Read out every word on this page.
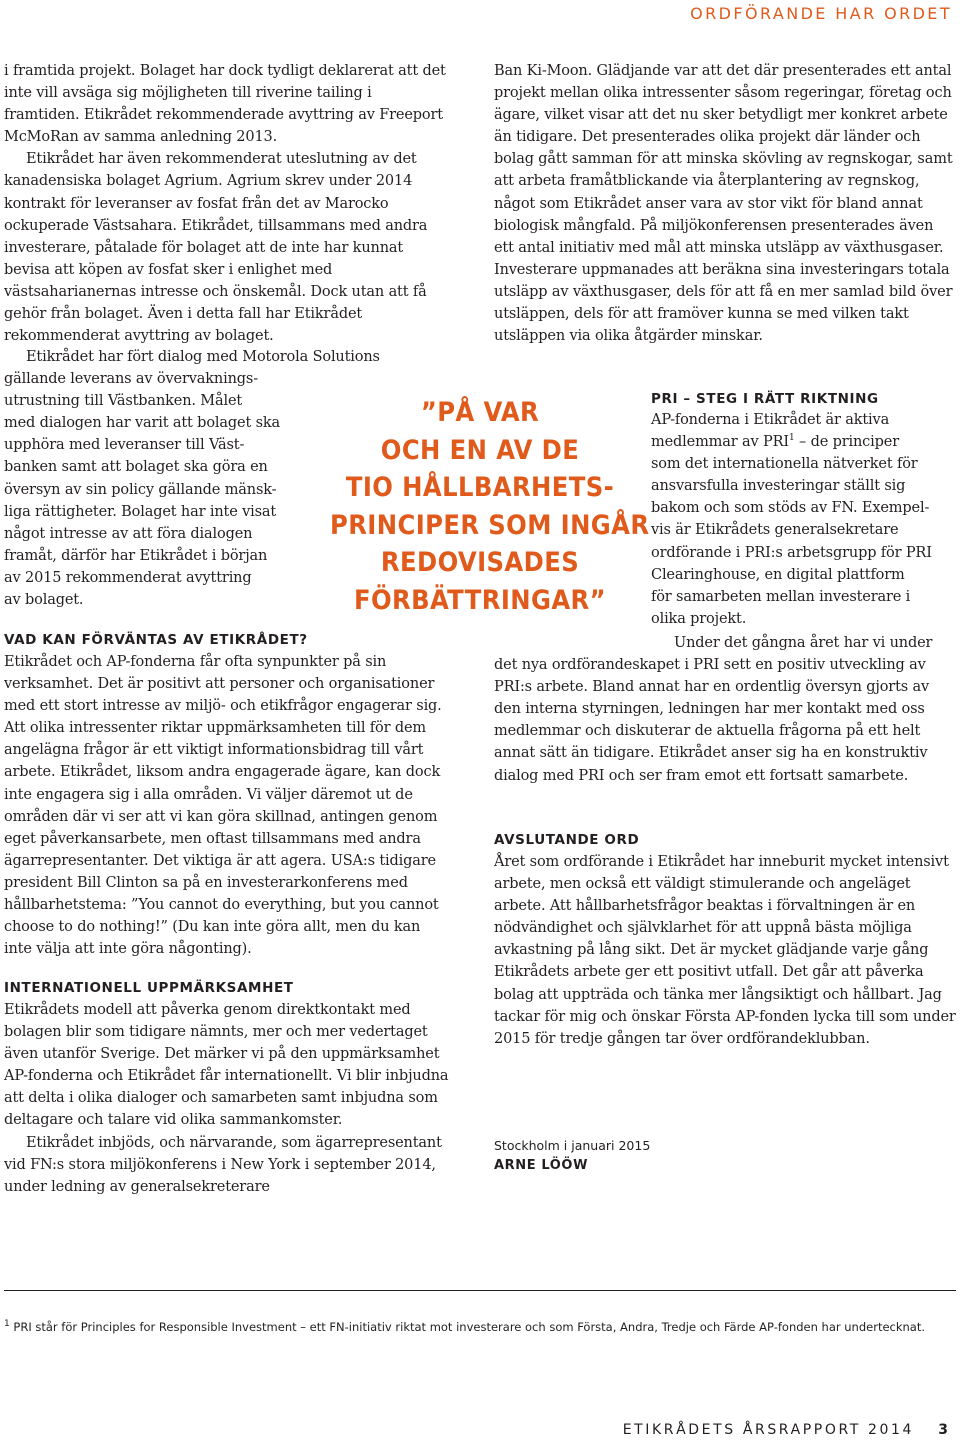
ORDFÖRANDE HAR ORDET

i framtida projekt. Bolaget har dock tydligt deklarerat att det inte vill avsäga sig möjligheten till riverine tailing i framtiden. Etikrådet rekommenderade avyttring av Freeport McMoRan av samma anledning 2013.

Etikrådet har även rekommenderat uteslutning av det kanadensiska bolaget Agrium. Agrium skrev under 2014 kontrakt för leveranser av fosfat från det av Marocko ockuperade Västsahara. Etikrådet, tillsammans med andra investerare, påtalade för bolaget att de inte har kunnat bevisa att köpen av fosfat sker i enlighet med västsaharianernas intresse och önskemål. Dock utan att få gehör från bolaget. Även i detta fall har Etikrådet rekommenderat avyttring av bolaget.

Etikrådet har fört dialog med Motorola Solutions
gällande leverans av övervaknings-
utrustning till Västbanken. Målet
med dialogen har varit att bolaget ska
upphöra med leveranser till Väst-
banken samt att bolaget ska göra en
översyn av sin policy gällande mänsk-
liga rättigheter. Bolaget har inte visat
något intresse av att föra dialogen
framåt, därför har Etikrådet i början
av 2015 rekommenderat avyttring
av bolaget.

VAD KAN FÖRVÄNTAS AV ETIKRÅDET?

Etikrådet och AP-fonderna får ofta synpunkter på sin verksamhet. Det är positivt att personer och organisationer med ett stort intresse av miljö- och etikfrågor engagerar sig. Att olika intressenter riktar uppmärksamheten till för dem angelägna frågor är ett viktigt informationsbidrag till vårt arbete. Etikrådet, liksom andra engagerade ägare, kan dock inte engagera sig i alla områden. Vi väljer däremot ut de områden där vi ser att vi kan göra skillnad, antingen genom eget påverkansarbete, men oftast tillsammans med andra ägarrepresentanter. Det viktiga är att agera. USA:s tidigare president Bill Clinton sa på en investerarkonferens med hållbarhetstema: ”You cannot do everything, but you cannot choose to do nothing!” (Du kan inte göra allt, men du kan inte välja att inte göra någonting).

INTERNATIONELL UPPMÄRKSAMHET

Etikrådets modell att påverka genom direktkontakt med bolagen blir som tidigare nämnts, mer och mer vedertaget även utanför Sverige. Det märker vi på den uppmärksamhet AP-fonderna och Etikrådet får internationellt. Vi blir inbjudna att delta i olika dialoger och samarbeten samt inbjudna som deltagare och talare vid olika sammankomster.

Etikrådet inbjöds, och närvarande, som ägarrepresentant vid FN:s stora miljökonferens i New York i september 2014, under ledning av generalsekreterare

”PÅ VAR
OCH EN AV DE
TIO HÅLLBARHETS-
PRINCIPER SOM INGÅR
REDOVISADES
FÖRBÄTTRINGAR”

Ban Ki-Moon. Glädjande var att det där presenterades ett antal projekt mellan olika intressenter såsom regeringar, företag och ägare, vilket visar att det nu sker betydligt mer konkret arbete än tidigare. Det presenterades olika projekt där länder och bolag gått samman för att minska skövling av regnskogar, samt att arbeta framåtblickande via återplantering av regnskog, något som Etikrådet anser vara av stor vikt för bland annat biologisk mångfald. På miljökonferensen presenterades även ett antal initiativ med mål att minska utsläpp av växthusgaser. Investerare uppmanades att beräkna sina investeringars totala utsläpp av växthusgaser, dels för att få en mer samlad bild över utsläppen, dels för att framöver kunna se med vilken takt utsläppen via olika åtgärder minskar.

PRI – STEG I RÄTT RIKTNING

AP-fonderna i Etikrådet är aktiva
medlemmar av PRI$^1$ – de principer
som det internationella nätverket för
ansvarsfulla investeringar ställt sig
bakom och som stöds av FN. Exempel-
vis är Etikrådets generalsekretare
ordförande i PRI:s arbetsgrupp för PRI
Clearinghouse, en digital plattform
för samarbeten mellan investerare i
olika projekt.

Under det gångna året har vi under det nya ordförandeskapet i PRI sett en positiv utveckling av PRI:s arbete. Bland annat har en ordentlig översyn gjorts av den interna styrningen, ledningen har mer kontakt med oss medlemmar och diskuterar de aktuella frågorna på ett helt annat sätt än tidigare. Etikrådet anser sig ha en konstruktiv dialog med PRI och ser fram emot ett fortsatt samarbete.

AVSLUTANDE ORD

Året som ordförande i Etikrådet har inneburit mycket intensivt arbete, men också ett väldigt stimulerande och angeläget arbete. Att hållbarhetsfrågor beaktas i förvaltningen är en nödvändighet och självklarhet för att uppnå bästa möjliga avkastning på lång sikt. Det är mycket glädjande varje gång Etikrådets arbete ger ett positivt utfall. Det går att påverka bolag att uppträda och tänka mer långsiktigt och hållbart. Jag tackar för mig och önskar Första AP-fonden lycka till som under 2015 för tredje gången tar över ordförandeklubban.

Stockholm i januari 2015
ARNE LÖÖW
$^1$ PRI står för Principles for Responsible Investment – ett FN-initiativ riktat mot investerare och som Första, Andra, Tredje och Färde AP-fonden har undertecknat.
ETIKRÅDETS ÅRSRAPPORT 2014 3
